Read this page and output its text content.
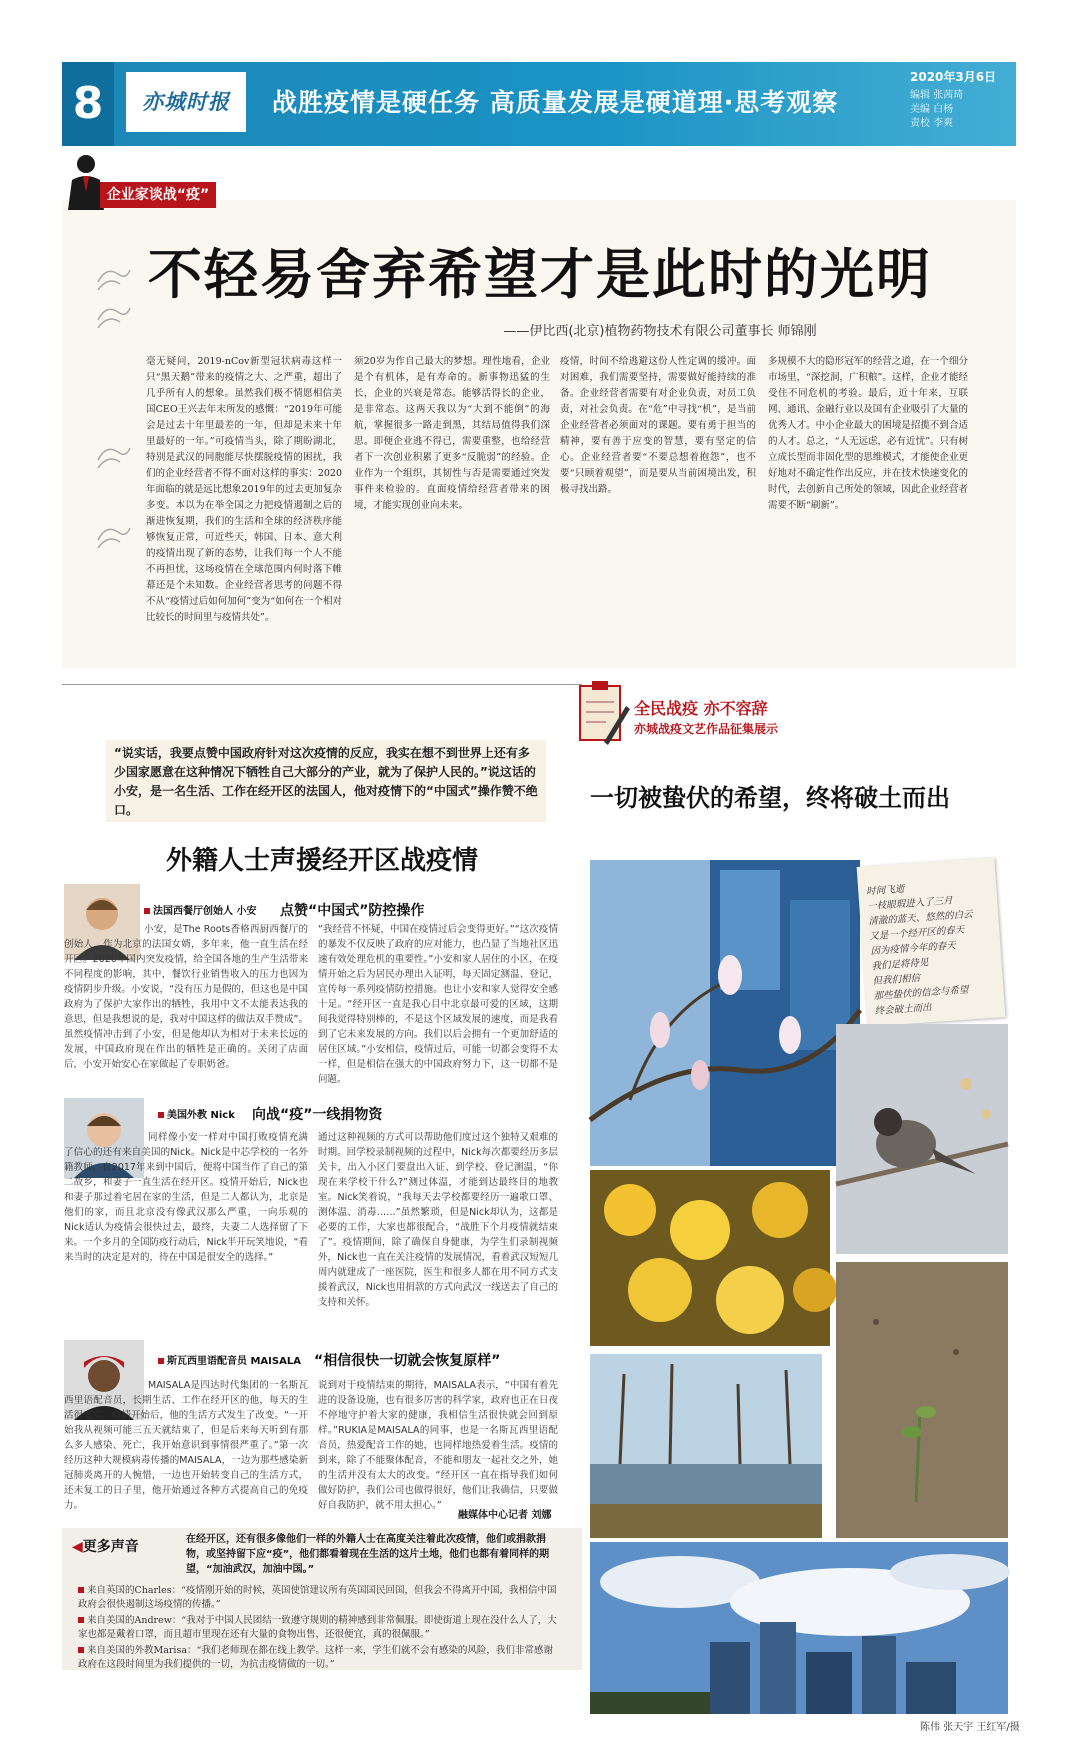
8	亦城时报	战胜疫情是硬任务 高质量发展是硬道理·思考观察
2020年3月6日
编辑 张茜琦
美编 白杨
责校 李爽
企业家谈战“疫”
不轻易舍弃希望才是此时的光明
——伊比西(北京)植物药物技术有限公司董事长 师锦刚
毫无疑问，2019-nCov新型冠状病毒这样一只“黑天鹅”带来的疫情之大、之严重，超出了几乎所有人的想象。虽然我们极不情愿相信美国CEO王兴去年末所发的感慨：“2019年可能会是过去十年里最差的一年，但却是未来十年里最好的一年。”可疫情当头，除了期盼湖北，特别是武汉的同胞能尽快摆脱疫情的困扰，我们的企业经营者不得不面对这样的事实：2020年面临的就是远比想象2019年的过去更加复杂多变。本以为在举全国之力把疫情遏制之后的渐进恢复期，我们的生活和全球的经济秩序能够恢复正常，可近些天，韩国、日本、意大利的疫情出现了新的态势，让我们每一个人不能不再担忧，这场疫情在全球范围内何时落下帷幕还是个未知数。企业经营者思考的问题不得不从“疫情过后如何加何”变为“如何在一个相对比较长的时间里与疫情共处”。
须20岁为作自己最大的梦想。理性地看，企业是个有机体，是有寿命的。新事物迅猛的生长，企业的兴衰是常态。能够活得长的企业，是非常态。这两天我以为“大到不能倒”的海航，掌握很多一路走到黑，其结局值得我们深思。即便企业逃不得已，需要重整，也给经营者下一次创业积累了更多“反脆弱”的经验。企业作为一个组织，其韧性与否是需要通过突发事件来检验的。直面疫情给经营者带来的困境，才能实现创业向未来。
疫情，时间不给逃避这份人性定调的缓冲。面对困难，我们需要坚持，需要做好能持续的准备。企业经营者需要有对企业负责，对员工负责，对社会负责。在“危”中寻找“机”，是当前企业经营者必须面对的课题。要有勇于担当的精神，要有善于应变的智慧，要有坚定的信心。企业经营者要“不要总想着抱怨”，也不要“只顾着观望”，而是要从当前困境出发，积极寻找出路。
多规模不大的隐形冠军的经营之道，在一个细分市场里，“深挖洞，广积粮”。这样，企业才能经受住不同危机的考验。最后，近十年来，互联网、通讯、金融行业以及国有企业吸引了大量的优秀人才。中小企业最大的困境是招揽不到合适的人才。总之，“人无远虑，必有近忧”。只有树立成长型而非固化型的思维模式，才能使企业更好地对不确定性作出反应，并在技术快速变化的时代，去创新自己所处的领域，因此企业经营者需要不断“刷新”。
“说实话，我要点赞中国政府针对这次疫情的反应，我实在想不到世界上还有多少国家愿意在这种情况下牺牲自己大部分的产业，就为了保护人民的。”说这话的小安，是一名生活、工作在经开区的法国人，他对疫情下的“中国式”操作赞不绝口。
外籍人士声援经开区战疫情
法国西餐厅创始人 小安 点赞“中国式”防控操作
小安，是The Roots香格西厨西餐厅的创始人，作为北京的法国女婿，多年来，他一直生活在经开区。2020年国内突发疫情，给全国各地的生产生活带来不同程度的影响，其中，餐饮行业销售收入的压力也因为疫情阴步升级。小安说，“没有压力是假的，但这也是中国政府为了保护大家作出的牺牲，我用中文不太能表达我的意思，但是我想说的是，我对中国这样的做法双手赞成”。虽然疫情冲击到了小安，但是他却认为相对于未来长远的发展，中国政府现在作出的牺牲是正确的。关闭了店面后，小安开始安心在家做起了专职奶爸。
“我经营不怀疑，中国在疫情过后会变得更好。”“这次疫情的暴发不仅反映了政府的应对能力，也凸显了当地社区迅速有效处理危机的重要性。”小安和家人居住的小区，在疫情开始之后为居民办理出入证明，每天固定测温、登记，宣传每一系列疫情防控措施。也让小安和家人觉得安全感十足。“经开区一直是我心目中北京最可爱的区域，这期间我觉得特别棒的，不是这个区域发展的速度，而是我看到了它未来发展的方向。我们以后会拥有一个更加舒适的居住区域。”小安相信，疫情过后，可能一切都会变得不太一样，但是相信在强大的中国政府努力下，这一切都不是问题。
美国外教 Nick 向战“疫”一线捐物资
同样像小安一样对中国打败疫情充满了信心的还有来自美国的Nick。Nick是中芯学校的一名外籍教师，自2017年来到中国后，便将中国当作了自己的第二故乡，和妻子一直生活在经开区。疫情开始后，Nick也和妻子那过着宅居在家的生活，但是二人都认为，北京是他们的家，而且北京没有像武汉那么严重，一向乐观的Nick适认为疫情会很快过去，最终，夫妻二人选择留了下来。一个多月的全国防疫行动后，Nick半开玩笑地说，“看来当时的决定是对的，待在中国是很安全的选择。”
通过这种视频的方式可以帮助他们度过这个独特又艰难的时期。回学校录制视频的过程中，Nick每次都要经历多层关卡，出入小区门要盘出入证、到学校、登记测温，“你现在来学校干什么?”测过体温，才能到达最终目的地教室。Nick笑着说，“我每天去学校都要经历一遍歌口罩、测体温、消毒……”虽然繁琐，但是Nick却认为，这都是必要的工作，大家也都很配合，“战胜下个月疫情就结束了”。疫情期间，除了确保自身健康，为学生们录制视频外，Nick也一直在关注疫情的发展情况，看着武汉短短几周内就建成了一座医院，医生和很多人都在用不同方式支援着武汉，Nick也用捐款的方式向武汉一线送去了自己的支持和关怀。
斯瓦西里语配音员 MAISALA “相信很快一切就会恢复原样”
MAISALA是四达时代集团的一名斯瓦西里语配音员，长期生活、工作在经开区的他，每天的生活很充实，疫情开始后，他的生活方式发生了改变。“一开始我从视频可能三五天就结束了，但是后来每天听到有那么多人感染、死亡，我开始意识到事情很严重了。”第一次经历这种大规模病毒传播的MAISALA，一边为那些感染新冠肺炎离开的人惋惜，一边也开始转变自己的生活方式，还未复工的日子里，他开始通过各种方式提高自己的免疫力。
说到对于疫情结束的期待，MAISALA表示，“中国有着先进的设备设施，也有很多厉害的科学家，政府也正在日夜不停地守护着大家的健康，我相信生活很快就会回到原样。”RUKIA是MAISALA的同事，也是一名斯瓦西里语配音员，热爱配音工作的她，也同样地热爱着生活。疫情的到来，除了不能聚体配音，不能和朋友一起社交之外，她的生活并没有太大的改变。“经开区一直在指导我们如何做好防护，我们公司也做得很好，他们让我确信，只要做好自我防护，就不用太担心。”
融媒体中心记者 刘娜
◀更多声音	在经开区，还有很多像他们一样的外籍人士在高度关注着此次疫情，他们或捐款捐物，或坚持留下应“疫”，他们都看着现在生活的这片土地，他们也都有着同样的期望，“加油武汉，加油中国。”
来自英国的Charles：“疫情刚开始的时候，英国使馆建议所有英国国民回国，但我会不得离开中国，我相信中国政府会很快遏制这场疫情的传播。”
来自美国的Andrew：“我对于中国人民团结一致遵守规则的精神感到非常佩服。即使街道上现在没什么人了，大家也都是戴着口罩，而且超市里现在还有大量的食物出售，还很便宜，真的很佩服。”
来自美国的外教Marisa：“我们老师现在都在线上教学。这样一来，学生们就不会有感染的风险，我们非常感谢政府在这段时间里为我们提供的一切，为抗击疫情做的一切。”
全民战疫 亦不容辞
亦城战疫文艺作品征集展示
一切被蛰伏的希望，终将破土而出
时间飞逝
一枝眼瑕进入了三月
清澈的蓝天、悠然的白云
又是一个经开区的春天
因为疫情今年的春天
我们足将待见
但我们相信
那些蛰伏的信念与希望
终会破土而出
陈伟 张天宇 王红军/摄
